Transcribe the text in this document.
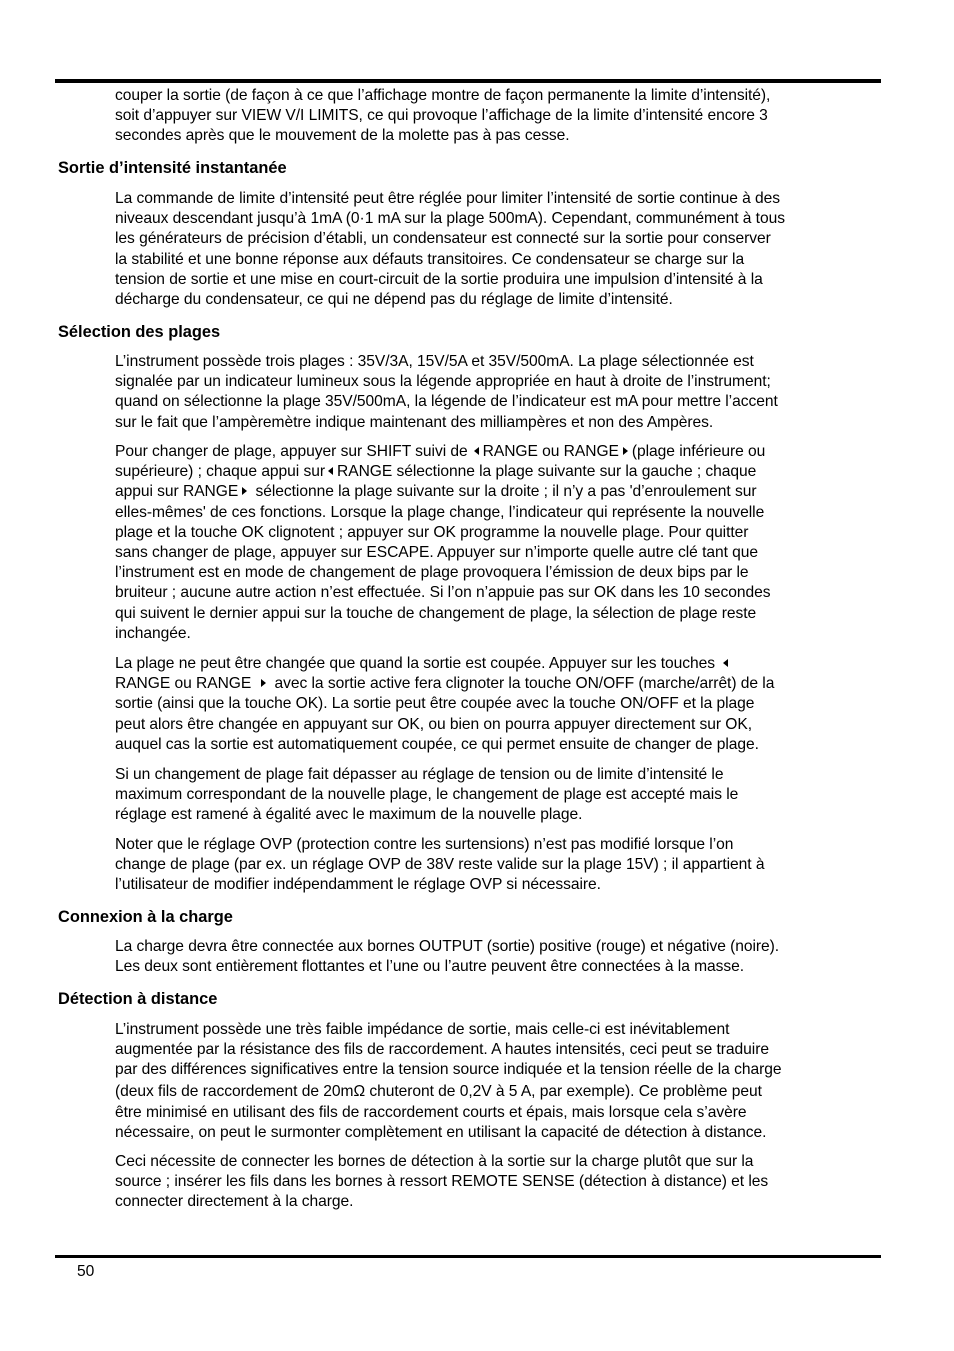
couper la sortie (de façon à ce que l’affichage montre de façon permanente la limite d’intensité),
soit d’appuyer sur VIEW V/I LIMITS, ce qui provoque l’affichage de la limite d’intensité encore 3
secondes après que le mouvement de la molette pas à pas cesse.
Sortie d’intensité instantanée
La commande de limite d’intensité peut être réglée pour limiter l’intensité de sortie continue à des
niveaux descendant jusqu’à 1mA (0·1 mA sur la plage 500mA). Cependant, communément à tous
les générateurs de précision d’établi, un condensateur est connecté sur la sortie pour conserver
la stabilité et une bonne réponse aux défauts transitoires. Ce condensateur se charge sur la
tension de sortie et une mise en court-circuit de la sortie produira une impulsion d’intensité à la
décharge du condensateur, ce qui ne dépend pas du réglage de limite d’intensité.
Sélection des plages
L’instrument possède trois plages : 35V/3A, 15V/5A et 35V/500mA. La plage sélectionnée est
signalée par un indicateur lumineux sous la légende appropriée en haut à droite de l’instrument;
quand on sélectionne la plage 35V/500mA, la légende de l’indicateur est mA pour mettre l’accent
sur le fait que l’ampèremètre indique maintenant des milliampères et non des Ampères.
Pour changer de plage, appuyer sur SHIFT suivi de RANGE ou RANGE (plage inférieure ou
supérieure) ; chaque appui sur RANGE sélectionne la plage suivante sur la gauche ; chaque
appui sur RANGE sélectionne la plage suivante sur la droite ; il n’y a pas 'd’enroulement sur
elles-mêmes' de ces fonctions. Lorsque la plage change, l’indicateur qui représente la nouvelle
plage et la touche OK clignotent ; appuyer sur OK programme la nouvelle plage. Pour quitter
sans changer de plage, appuyer sur ESCAPE. Appuyer sur n’importe quelle autre clé tant que
l’instrument est en mode de changement de plage provoquera l’émission de deux bips par le
bruiteur ; aucune autre action n’est effectuée. Si l’on n’appuie pas sur OK dans les 10 secondes
qui suivent le dernier appui sur la touche de changement de plage, la sélection de plage reste
inchangée.
La plage ne peut être changée que quand la sortie est coupée. Appuyer sur les touches
RANGE ou RANGE avec la sortie active fera clignoter la touche ON/OFF (marche/arrêt) de la
sortie (ainsi que la touche OK). La sortie peut être coupée avec la touche ON/OFF et la plage
peut alors être changée en appuyant sur OK, ou bien on pourra appuyer directement sur OK,
auquel cas la sortie est automatiquement coupée, ce qui permet ensuite de changer de plage.
Si un changement de plage fait dépasser au réglage de tension ou de limite d’intensité le
maximum correspondant de la nouvelle plage, le changement de plage est accepté mais le
réglage est ramené à égalité avec le maximum de la nouvelle plage.
Noter que le réglage OVP (protection contre les surtensions) n’est pas modifié lorsque l’on
change de plage (par ex. un réglage OVP de 38V reste valide sur la plage 15V) ; il appartient à
l’utilisateur de modifier indépendamment le réglage OVP si nécessaire.
Connexion à la charge
La charge devra être connectée aux bornes OUTPUT (sortie) positive (rouge) et négative (noire).
Les deux sont entièrement flottantes et l’une ou l’autre peuvent être connectées à la masse.
Détection à distance
L’instrument possède une très faible impédance de sortie, mais celle-ci est inévitablement
augmentée par la résistance des fils de raccordement. A hautes intensités, ceci peut se traduire
par des différences significatives entre la tension source indiquée et la tension réelle de la charge
(deux fils de raccordement de 20mΩ chuteront de 0,2V à 5 A, par exemple). Ce problème peut
être minimisé en utilisant des fils de raccordement courts et épais, mais lorsque cela s’avère
nécessaire, on peut le surmonter complètement en utilisant la capacité de détection à distance.
Ceci nécessite de connecter les bornes de détection à la sortie sur la charge plutôt que sur la
source ; insérer les fils dans les bornes à ressort REMOTE SENSE (détection à distance) et les
connecter directement à la charge.
50
